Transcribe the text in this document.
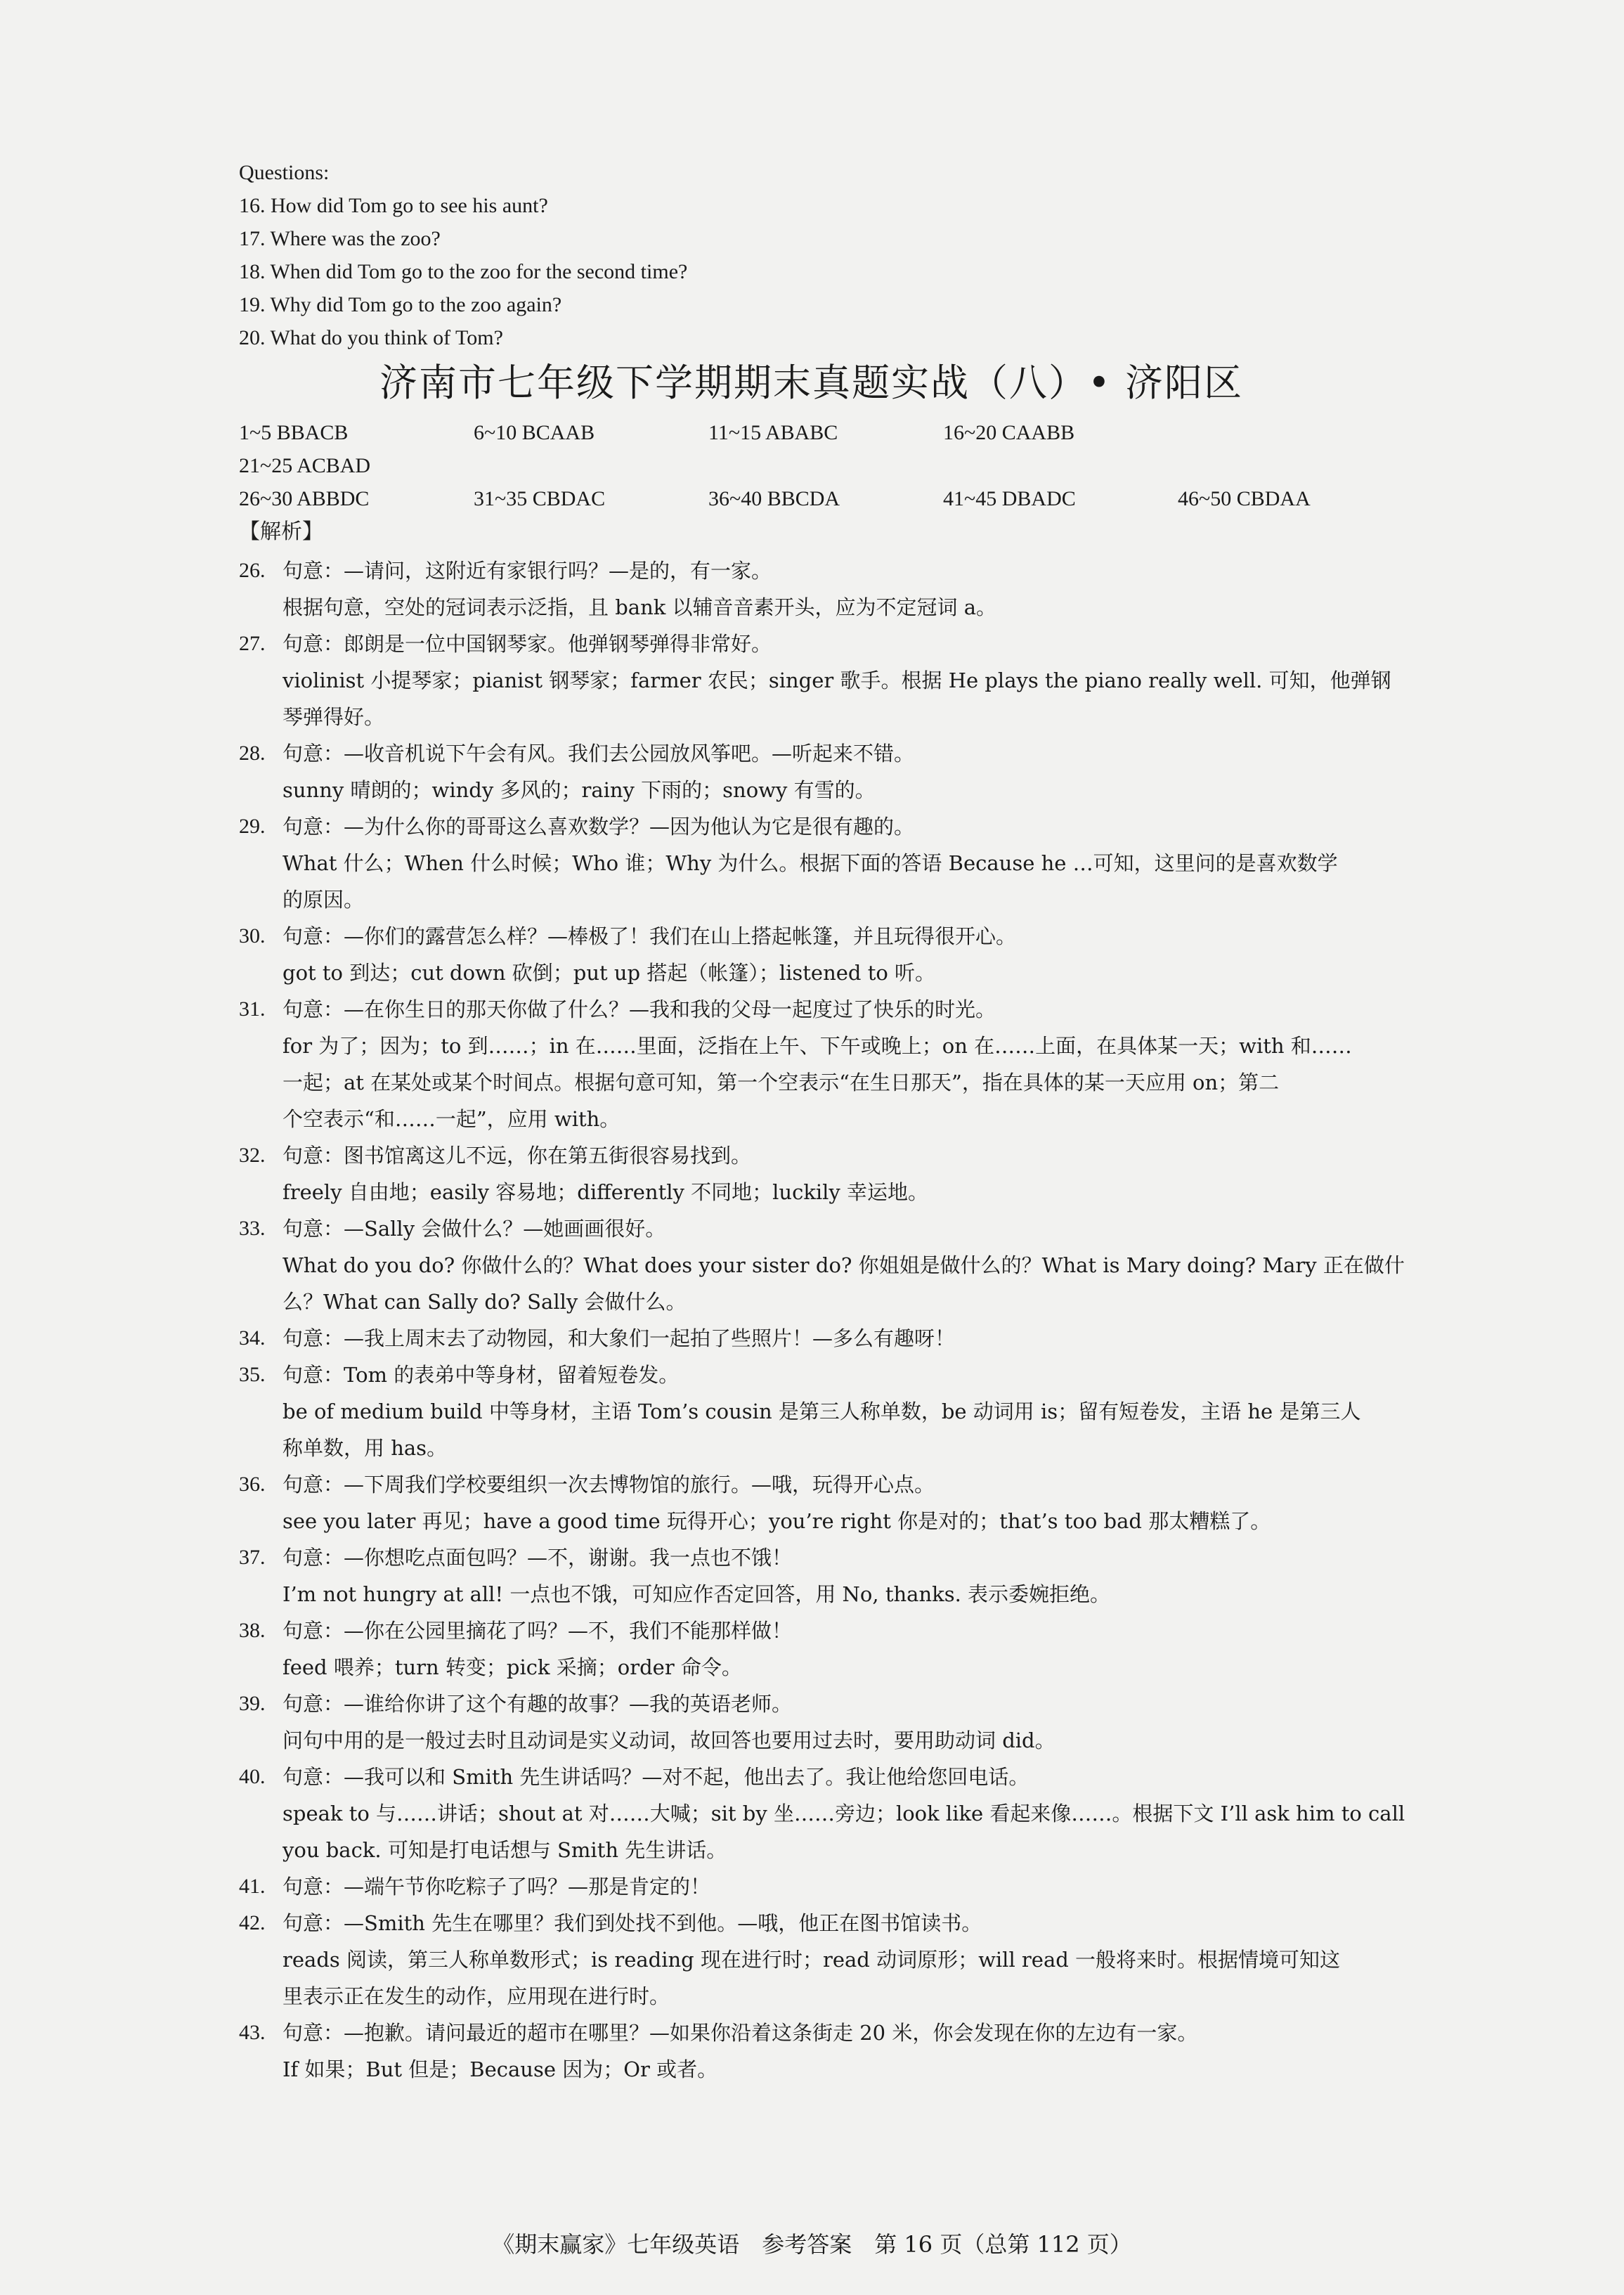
Questions:
16. How did Tom go to see his aunt?
17. Where was the zoo?
18. When did Tom go to the zoo for the second time?
19. Why did Tom go to the zoo again?
20. What do you think of Tom?
济南市七年级下学期期末真题实战（八）• 济阳区
1~5 BBACB	6~10 BCAAB	11~15 ABABC	16~20 CAABB
21~25 ACBAD
26~30 ABBDC	31~35 CBDAC	36~40 BBCDA	41~45 DBADC	46~50 CBDAA
【解析】
26. 句意：—请问，这附近有家银行吗？—是的，有一家。
根据句意，空处的冠词表示泛指，且 bank 以辅音音素开头，应为不定冠词 a。
27. 句意：郎朗是一位中国钢琴家。他弹钢琴弹得非常好。
violinist 小提琴家；pianist 钢琴家；farmer 农民；singer 歌手。根据 He plays the piano really well. 可知，他弹钢
琴弹得好。
28. 句意：—收音机说下午会有风。我们去公园放风筝吧。—听起来不错。
sunny 晴朗的；windy 多风的；rainy 下雨的；snowy 有雪的。
29. 句意：—为什么你的哥哥这么喜欢数学？—因为他认为它是很有趣的。
What 什么；When 什么时候；Who 谁；Why 为什么。根据下面的答语 Because he …可知，这里问的是喜欢数学
的原因。
30. 句意：—你们的露营怎么样？—棒极了！我们在山上搭起帐篷，并且玩得很开心。
got to 到达；cut down 砍倒；put up 搭起（帐篷）；listened to 听。
31. 句意：—在你生日的那天你做了什么？—我和我的父母一起度过了快乐的时光。
for 为了；因为；to 到……；in 在……里面，泛指在上午、下午或晚上；on 在……上面，在具体某一天；with 和……
一起；at 在某处或某个时间点。根据句意可知，第一个空表示“在生日那天”，指在具体的某一天应用 on；第二
个空表示“和……一起”，应用 with。
32. 句意：图书馆离这儿不远，你在第五街很容易找到。
freely 自由地；easily 容易地；differently 不同地；luckily 幸运地。
33. 句意：—Sally 会做什么？—她画画很好。
What do you do? 你做什么的？What does your sister do? 你姐姐是做什么的？What is Mary doing? Mary 正在做什
么？What can Sally do? Sally 会做什么。
34. 句意：—我上周末去了动物园，和大象们一起拍了些照片！—多么有趣呀！
35. 句意：Tom 的表弟中等身材，留着短卷发。
be of medium build 中等身材，主语 Tom’s cousin 是第三人称单数，be 动词用 is；留有短卷发，主语 he 是第三人
称单数，用 has。
36. 句意：—下周我们学校要组织一次去博物馆的旅行。—哦，玩得开心点。
see you later 再见；have a good time 玩得开心；you’re right 你是对的；that’s too bad 那太糟糕了。
37. 句意：—你想吃点面包吗？—不，谢谢。我一点也不饿！
I’m not hungry at all! 一点也不饿，可知应作否定回答，用 No, thanks. 表示委婉拒绝。
38. 句意：—你在公园里摘花了吗？—不，我们不能那样做！
feed 喂养；turn 转变；pick 采摘；order 命令。
39. 句意：—谁给你讲了这个有趣的故事？—我的英语老师。
问句中用的是一般过去时且动词是实义动词，故回答也要用过去时，要用助动词 did。
40. 句意：—我可以和 Smith 先生讲话吗？—对不起，他出去了。我让他给您回电话。
speak to 与……讲话；shout at 对……大喊；sit by 坐……旁边；look like 看起来像……。根据下文 I’ll ask him to call
you back. 可知是打电话想与 Smith 先生讲话。
41. 句意：—端午节你吃粽子了吗？—那是肯定的！
42. 句意：—Smith 先生在哪里？我们到处找不到他。—哦，他正在图书馆读书。
reads 阅读，第三人称单数形式；is reading 现在进行时；read 动词原形；will read 一般将来时。根据情境可知这
里表示正在发生的动作，应用现在进行时。
43. 句意：—抱歉。请问最近的超市在哪里？—如果你沿着这条街走 20 米，你会发现在你的左边有一家。
If 如果；But 但是；Because 因为；Or 或者。
《期末赢家》七年级英语　参考答案　第 16 页（总第 112 页）
